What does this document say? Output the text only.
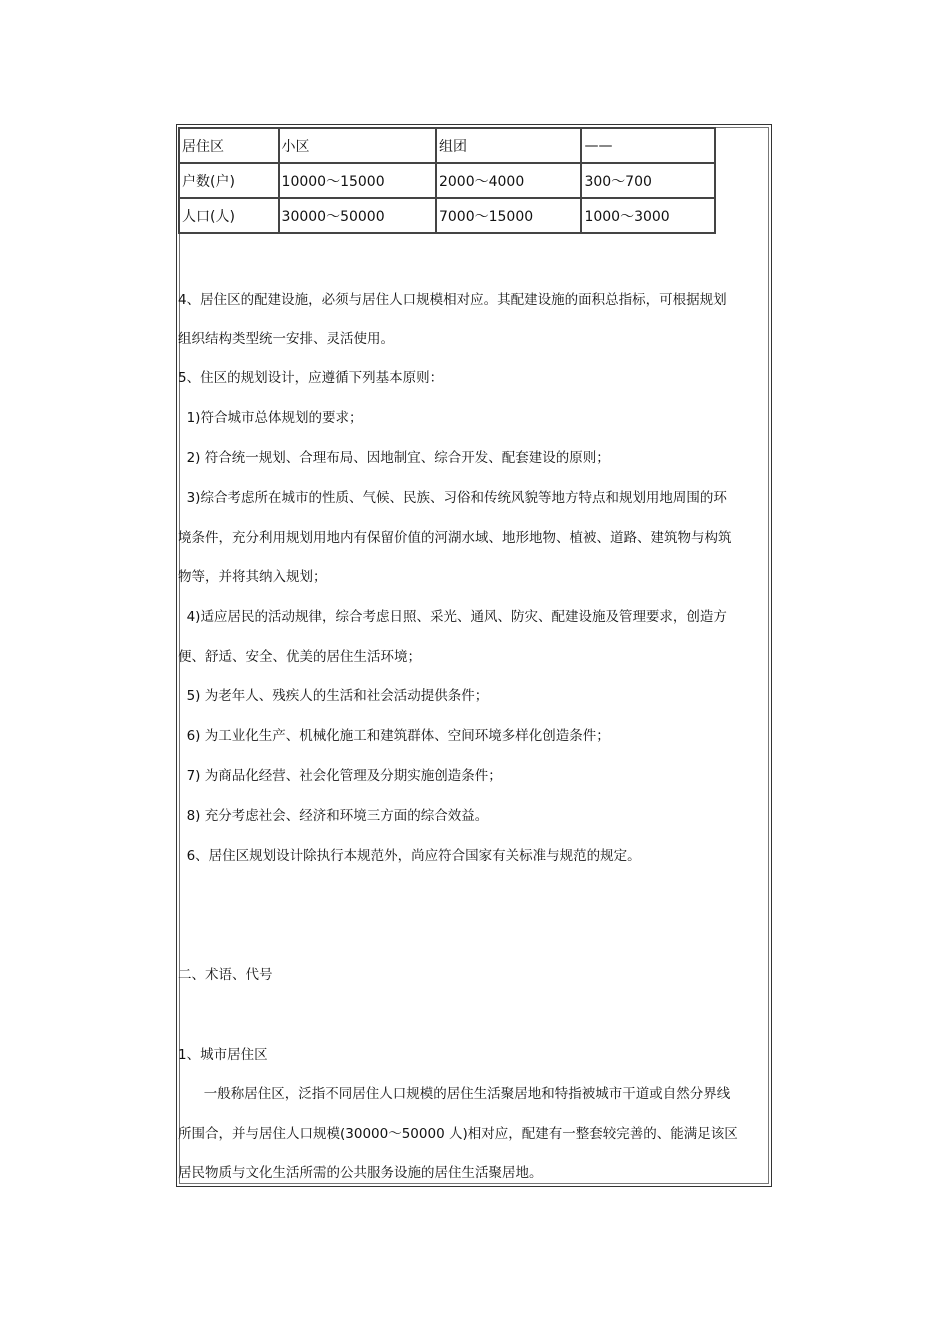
居住区	小区	组团	——
户数(户)	10000～15000	2000～4000	300～700
人口(人)	30000～50000	7000～15000	1000～3000
4、居住区的配建设施，必须与居住人口规模相对应。其配建设施的面积总指标，可根据规划
组织结构类型统一安排、灵活使用。
5、住区的规划设计，应遵循下列基本原则：
1)符合城市总体规划的要求；
2) 符合统一规划、合理布局、因地制宜、综合开发、配套建设的原则；
3)综合考虑所在城市的性质、气候、民族、习俗和传统风貌等地方特点和规划用地周围的环
境条件，充分利用规划用地内有保留价值的河湖水域、地形地物、植被、道路、建筑物与构筑
物等，并将其纳入规划；
4)适应居民的活动规律，综合考虑日照、采光、通风、防灾、配建设施及管理要求，创造方
便、舒适、安全、优美的居住生活环境；
5) 为老年人、残疾人的生活和社会活动提供条件；
6) 为工业化生产、机械化施工和建筑群体、空间环境多样化创造条件；
7) 为商品化经营、社会化管理及分期实施创造条件；
8) 充分考虑社会、经济和环境三方面的综合效益。
6、居住区规划设计除执行本规范外，尚应符合国家有关标准与规范的规定。
二、术语、代号
1、城市居住区
一般称居住区，泛指不同居住人口规模的居住生活聚居地和特指被城市干道或自然分界线
所围合，并与居住人口规模(30000～50000 人)相对应，配建有一整套较完善的、能满足该区
居民物质与文化生活所需的公共服务设施的居住生活聚居地。
